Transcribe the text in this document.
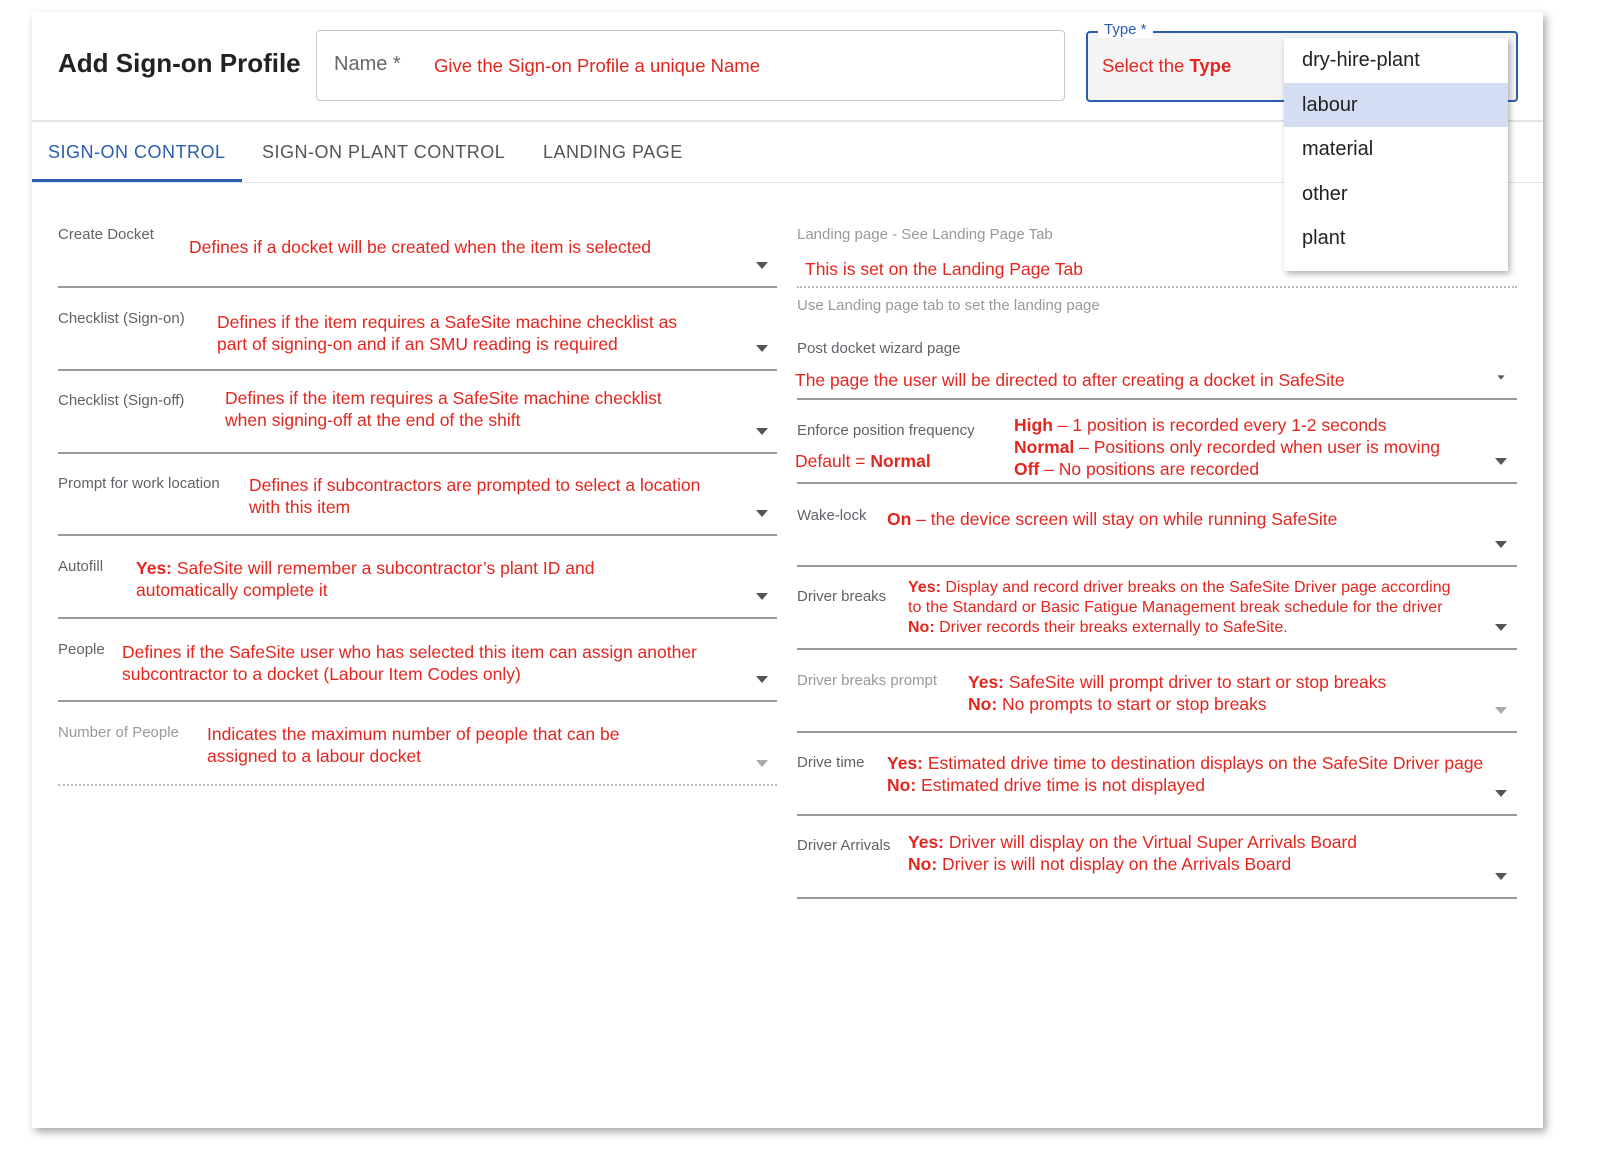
Add Sign-on Profile Name * Give the Sign-on Profile a unique Name
Type *
Select the Type	dry-hire-plant
labour
material
other
plant
SIGN-ON CONTROL SIGN-ON PLANT CONTROL LANDING PAGE
Create Docket
Defines if a docket will be created when the item is selected
Checklist (Sign-on) Defines if the item requires a SafeSite machine checklist as
part of signing-on and if an SMU reading is required
Checklist (Sign-off) Defines if the item requires a SafeSite machine checklist
when signing-off at the end of the shift
Prompt for work location Defines if subcontractors are prompted to select a location
with this item
Autofill Yes: SafeSite will remember a subcontractor’s plant ID and
automatically complete it
People Defines if the SafeSite user who has selected this item can assign another
subcontractor to a docket (Labour Item Codes only)
Number of People Indicates the maximum number of people that can be
assigned to a labour docket
Landing page - See Landing Page Tab
This is set on the Landing Page Tab
Use Landing page tab to set the landing page
Post docket wizard page
The page the user will be directed to after creating a docket in SafeSite
Enforce position frequency
Default = Normal
High – 1 position is recorded every 1-2 seconds
Normal – Positions only recorded when user is moving
Off – No positions are recorded
Wake-lock On – the device screen will stay on while running SafeSite
Driver breaks
Yes: Display and record driver breaks on the SafeSite Driver page according
to the Standard or Basic Fatigue Management break schedule for the driver
No: Driver records their breaks externally to SafeSite.
Driver breaks prompt Yes: SafeSite will prompt driver to start or stop breaks
No: No prompts to start or stop breaks
Drive time Yes: Estimated drive time to destination displays on the SafeSite Driver page
No: Estimated drive time is not displayed
Driver Arrivals Yes: Driver will display on the Virtual Super Arrivals Board
No: Driver is will not display on the Arrivals Board
